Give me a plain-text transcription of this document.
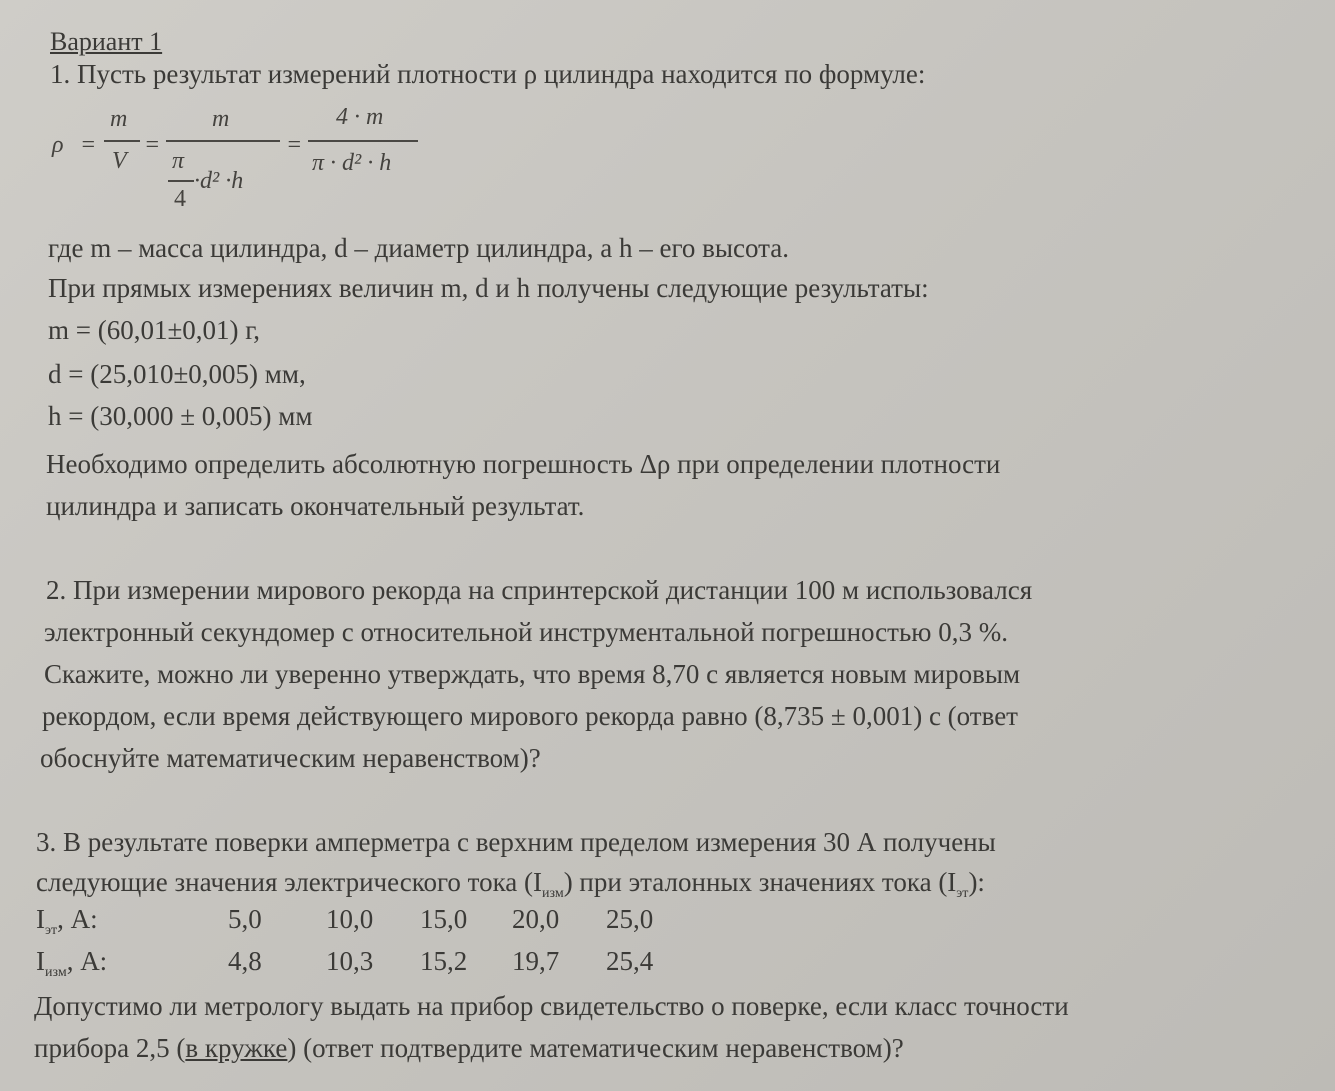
Вариант 1
1. Пусть результат измерений плотности ρ цилиндра находится по формуле:
ρ =
m
V
=
m
π
4
·d² ·h
=
4 · m
π · d² · h
где m – масса цилиндра, d – диаметр цилиндра, а h – его высота.
При прямых измерениях величин m, d и h получены следующие результаты:
m = (60,01±0,01) г,
d = (25,010±0,005) мм,
h = (30,000 ± 0,005) мм
Необходимо определить абсолютную погрешность Δρ при определении плотности
цилиндра и записать окончательный результат.
2. При измерении мирового рекорда на спринтерской дистанции 100 м использовался
электронный секундомер с относительной инструментальной погрешностью 0,3 %.
Скажите, можно ли уверенно утверждать, что время 8,70 с является новым мировым
рекордом, если время действующего мирового рекорда равно (8,735 ± 0,001) с (ответ
обоснуйте математическим неравенством)?
3. В результате поверки амперметра с верхним пределом измерения 30 А получены
следующие значения электрического тока $(I_{изм})$ при эталонных значениях тока $(I_{эт})$:
$I_{эт}$, А:	5,0 10,0 15,0 20,0 25,0
$I_{изм}$, А:	4,8 10,3 15,2 19,7 25,4
Допустимо ли метрологу выдать на прибор свидетельство о поверке, если класс точности
прибора 2,5 (в кружке) (ответ подтвердите математическим неравенством)?
